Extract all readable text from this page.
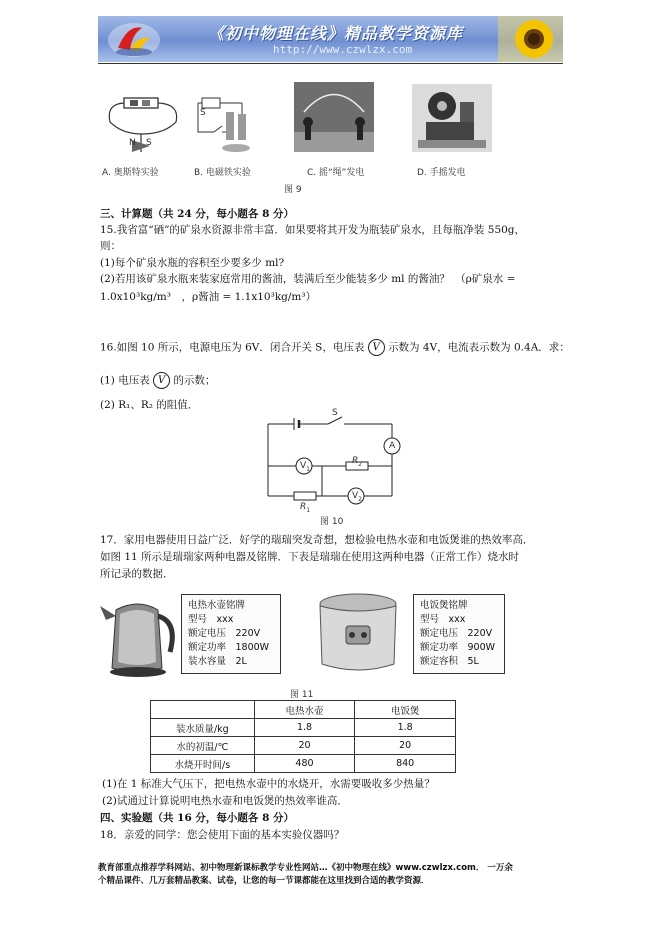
《初中物理在线》精品教学资源库
http://www.czwlzx.com
N S
S
A. 奥斯特实验	B. 电磁铁实验	C. 摇“绳”发电	D. 手摇发电
图 9
三、计算题（共 24 分，每小题各 8 分）
15.我省富“硒”的矿泉水资源非常丰富．如果要将其开发为瓶装矿泉水，且每瓶净装 550g，
则：
(1)每个矿泉水瓶的容积至少要多少 ml?
(2)若用该矿泉水瓶来装家庭常用的酱油，装满后至少能装多少 ml 的酱油？　（ρ矿泉水 =
1.0x10³kg/m³　，ρ酱油 = 1.1x10³kg/m³）
16.如图 10 所示，电源电压为 6V．闭合开关 S，电压表 V 示数为 4V，电流表示数为 0.4A．求：
(1) 电压表 V 的示数；
(2) R₁、R₂ 的阻值．
S
A
$V_1$
$R_2$
$V_2$
$R_1$
图 10
17．家用电器使用日益广泛．好学的瑞瑞突发奇想，想检验电热水壶和电饭煲谁的热效率高．
如图 11 所示是瑞瑞家两种电器及铭牌．下表是瑞瑞在使用这两种电器（正常工作）烧水时
所记录的数据．
电热水壶铭牌
型号　xxx
额定电压　220V
额定功率　1800W
装水容量　2L
电饭煲铭牌
型号　xxx
额定电压　220V
额定功率　900W
额定容积　5L
图 11
	电热水壶	电饭煲
装水质量/kg	1.8	1.8
水的初温/℃	20	20
水烧开时间/s	480	840
(1)在 1 标准大气压下，把电热水壶中的水烧开，水需要吸收多少热量？
(2)试通过计算说明电热水壶和电饭煲的热效率谁高．
四、实验题（共 16 分，每小题各 8 分）
18．亲爱的同学：您会使用下面的基本实验仪器吗？
教育部重点推荐学科网站、初中物理新课标教学专业性网站…《初中物理在线》www.czwlzx.com． 一万余
个精品课件、几万套精品教案、试卷，让您的每一节课都能在这里找到合适的教学资源．
